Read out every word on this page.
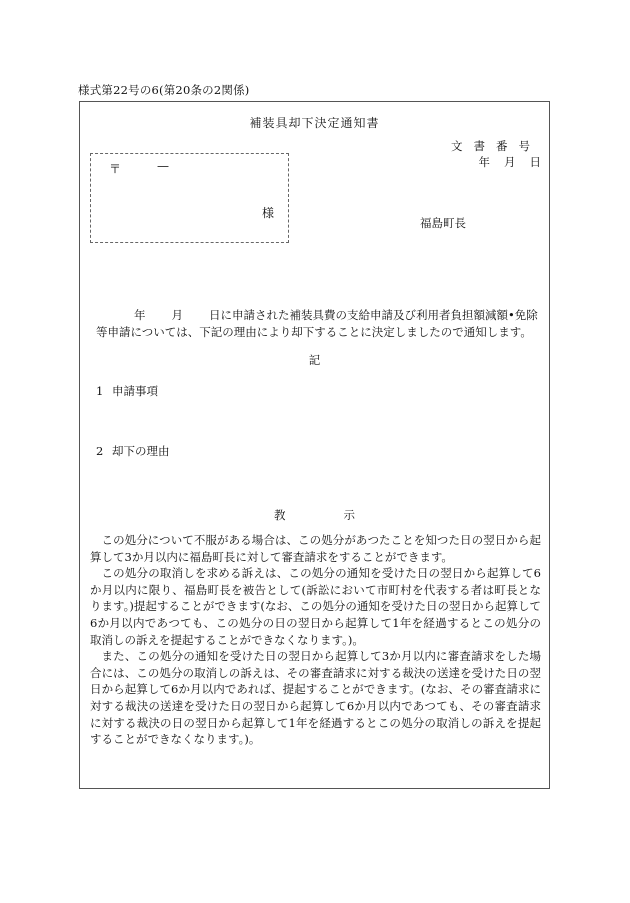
様式第22号の6(第20条の2関係)
補装具却下決定通知書
文書番号
年 月 日
〒	—
様
福島町長
年 月 日に申請された補装具費の支給申請及び利用者負担額減額•免除等申請については、下記の理由により却下することに決定しましたので通知します。
記
1 申請事項
2 却下の理由
教示

この処分について不服がある場合は、この処分があつたことを知つた日の翌日から起算して3か月以内に福島町長に対して審査請求をすることができます。

この処分の取消しを求める訴えは、この処分の通知を受けた日の翌日から起算して6か月以内に限り、福島町長を被告として(訴訟において市町村を代表する者は町長となります。)提起することができます(なお、この処分の通知を受けた日の翌日から起算して6か月以内であつても、この処分の日の翌日から起算して1年を経過するとこの処分の取消しの訴えを提起することができなくなります。)。

また、この処分の通知を受けた日の翌日から起算して3か月以内に審査請求をした場合には、この処分の取消しの訴えは、その審査請求に対する裁決の送達を受けた日の翌日から起算して6か月以内であれば、提起することができます。(なお、その審査請求に対する裁決の送達を受けた日の翌日から起算して6か月以内であつても、その審査請求に対する裁決の日の翌日から起算して1年を経過するとこの処分の取消しの訴えを提起することができなくなります。)。
